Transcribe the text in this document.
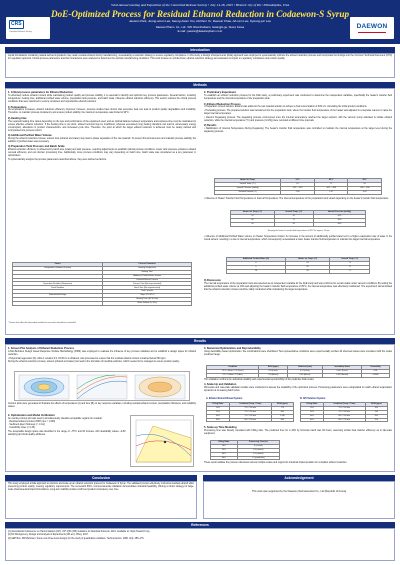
52nd Annual meeting and Exposition of the Controlled Release Society • July 14-18, 2025 • Historic city of PA • Philadelphia, USA
DoE-Optimized Process for Residual Ethanol Reduction in Codaewon-S Syrup
Jaewon Park, Jeong-woon Lee, Seung-hwan Yoo, Dohhun Yu, Daesuk Chae, Ah-ram Lee, Kyeong-jun Lee
Daewon Pharm. Co., Ltd., 520 Cheonhodaero, Gwangjin-gu, Seoul, Korea
E-mail : jaewon@daewonpharm.co.kr
CRS
Controlled Release Society
DAEWON
Introduction
Liquid formulations containing natural-derived ingredients may retain residual ethanol during manufacturing, necessitating a reduction strategy to ensure regulatory compliance. In this study, a Design of Experiments (DoE) approach was employed to systematically optimize the ethanol reduction process and incorporate the findings into the Common Technical Document (CTD) for regulatory approval. Critical process parameters and their interactions were analyzed to determine the optimal manufacturing conditions. This work focuses on a DoE-driven ethanol reduction strategy and evaluates its impact on regulatory compliance and product quality.
Methods
1. Critical process parameters for Ethanol Reduction

To effectively reduce ethanol content while maintaining product quality and process stability, it is essential to identify and optimize key process parameters. Several factors, including temperature, heating time, additional purified water volume, preparation tank pressure, and batch scale, influence ethanol reduction efficiency. This section outlines the critical process conditions that were optimized to ensure consistent and reproducible ethanol reduction.

1) Temperature

As temperature increases, ethanol reduction efficiency improves; however, previous studies have shown that excessive heat can lead to product quality degradation and instability. Therefore, to maintain process consistency and ensure product stability, the maximum temperature was limited to 90°C.

2) Heating time

The required heating time varies depending on the type and performance of the equipment used, and an optimal balance between temperature and exposure time must be maintained to ensure effective ethanol reduction. If the heating time is too short, ethanol removal may be insufficient, whereas excessively long heating durations can lead to unnecessary energy consumption, alterations in product characteristics, and increased cycle time. Therefore, the point at which the target ethanol reduction is achieved must be clearly defined and incorporated into process control.

3) Additional Purified Water Volume

During the ethanol reduction process, solvent loss (ethanol and water) may lead to phase separation of the raw material. To prevent this phenomenon and maintain process stability, the addition of purified water was necessary.

4) Preparation Tank Pressure and Batch Scale

Ethanol reduction efficiency is influenced by batch size (scale) and tank pressure, requiring adjustments to establish optimal process conditions. Lower tank pressure enhances ethanol removal efficiency and can shorten processing time. Additionally, since process conditions may vary depending on batch size, batch scale was considered as a key parameter in optimization.

To systematically analyze the process parameters described above, they were defined as factors.

Factor	Process Parameter
Independent Variables (Factors)	Heating Temperature
	Heating Time
	Additional Purified Water Volume
	Residual Ethanol Content
Dependent Variables (Responses)	Process Time (Not experimented)
Fixed Variables	Batch Size (Not experimented)
	Tank Pressure
Experimental Range	Temp. (70–90°C)
	Heating Time (30–90 min)
	Water Volume (0–10%)
* Factors that affect the dependent variable but can not be identified or controlled.
2. Preliminary Experiment

To establish an ethanol reduction process for the DoE study, a preliminary experiment was conducted to determine the independent variables, specifically the heater's transfer fluid temperature and the internal temperature of the preparation tank.

1) Ethanol Reduction Process

• Preparation of feed solution: Ethanol was added to the raw material solution to achieve a final concentration of 20% v/v, simulating the initial product conditions.

• Preheating process: The prepared solution was transferred into the preparation tank, where the transfer fluid temperature of the heater was adjusted in a stepwise manner to raise the target internal temperature.

• Vacuum Degassing process: The degassing process commenced once the internal temperature reached the target setpoint, with the vacuum pump activated to initiate ethanol reduction, while the internal temperature (°C) and pressure (mmHg) were recorded at different time intervals.

2) Results

• Stabilization of Internal Temperature During Degassing: The heater's transfer fluid temperature was controlled to maintain the internal temperature at the target level during the degassing process.

Heater Set Temp.	70°C	80°C	90°C
Internal Temp. (°C)	61	71	81
Internal Pressure (mmHg)	-622 ~ -676	-612 ~ -656	-594 ~ -650
Residual Ethanol (%)	2.98	1.47	0.59
• Influence of Heater Transfer Fluid Temperature on Internal Temperature: The internal temperature of the preparation tank varied depending on the heater's transfer fluid temperature.
Heater set Temp. (°C)	Interval Temp. (°C)	Internal Pressure (mmHg)
70	61	-676
80	71	-656
90	81	-650
* Keeping the heater's transfer fluid temperature at 90°C for approx. 15 min
• Influence of Additional Purified Water volume on Heater Temperature Output: An increase in the amount of additionally purified water led to a higher evaporation rate of water in the mixed solvent, resulting in a rise in internal temperature, which consequently necessitated a lower heater transfer fluid temperature to maintain the target internal temperature.
Additional Purified Water (%)	Heater set Temp. (°C)	Interval Temp. (°C)
0	81	71
5	82	71
10	83	71
3) Discussion

The internal temperature of the preparation tank was selected as an independent variable for the DoE study and was confirmed to remain stable under vacuum conditions. By setting the additional purified water volume at 10% and adjusting the heater's transfer fluid temperature to 85°C, the internal temperature was effectively maintained. The experiment demonstrated that the ethanol reduction process could be stably conducted while maintaining the target temperature.

Results
1. Screen Plot Analysis of Ethanol Reduction Process

A Box-Behnken Design based Response Surface Methodology (RSM) was employed to evaluate the influence of key process variables and to establish a design space for ethanol reduction.

• Polynomial regression (fit): while it remains 0.9, 15.9% to w obtained, was processed to ensure that the residual ethanol content remained below 500 ppm.

During the ethanol reduction process, solvent (ethanol and water) can lead to the formation of insoluble particles, which needed to be managed to ensure product quality.

Contour plots were generated to illustrate the effects of temperature (A) and time (B) on key response variables, including residual ethanol content, precipitation thickness, and suitability values.
2. Optimization and Model Verification

An overlay contour plot was used to simultaneously visualize acceptable regions for residual:

· Residual ethanol content (RSH ppm < 1,000)
· Sediment-layer thickness (< 1 mm)
· Insolubility index (> 0.35)

The acceptable design space was identified in the range of ~75°C and 60 minutes, with desirability values ~0.80, satisfying all critical quality attributes.

3. Numerical Optimization and Reproducibility

Using desirability-based optimization, five combinations were shortlisted. Two representative conditions were experimentally verified. All observed values were consistent with the model predicted range.

Condition	EtOH (ppm)	Sediment (mm)	Insolubility Index	Desirability
75°C / 60min / 7% (Pred.)	754 (Pred.)	0.37 (Pred.)	0.412 (Pred.)	0.81
75°C / 60min / 7% (Act.)	770 (Actual)	0.41 (Actual)	0.397 (Actual)	0.8050

This validation confirms the statistical reliability and experimental reproducibility of the predictive DoE model.

4. Scale-Up and Validation

Pilot-scale and real-scale validation studies were conducted to assess the scalability of the optimized process. Processing parameters were extrapolated to match ethanol evaporation dynamics at increasing batch sizes.

A. Ethanol Extract-Based System	B. API Solution System
Filling Ratio	Condition (Temp. / Time)	EtOH (ppm)
10%	75°C / 60 min	770
20%	75°C / 60 min	860
40%	75°C / 80 min	1,340
60%	80°C / 80 min	880
Filling Ratio	Condition (Temp. / Time)	EtOH (ppm)
10%	75°C / 60 min	410
20%	75°C / 80 min	530
40%	80°C / 80 min	500
60%	80°C / 90 min	470
5. Scale-up Time Modeling

Processing time was linearly correlated with Filling ratio. The predicted time for a 15% by full-scale batch was 93 hours, assuming similar heat transfer efficiency as in lab-scale equipment.

Filling Ratio	Processing Time (hr)
10%	0 (control)
20%	0.5 (control)
40%	0.7 (control)
60%	1.3 (prediction)
These result validate the process robustness across multiple scales and support its industrial implementation for compliant ethanol reduction.
Conclusion
This study employed a DoE approach to optimize and scale up an ethanol reduction process for Codaewon-S Syrup. The validated process effectively minimized residual ethanol while preserving product quality, meeting regulatory requirements. The successful 500 L commercial-scale validation demonstrates industrial feasibility, offering a robust strategy for large-scale pharmaceutical liquid formulations. Long-term stability studies confirmed product consistency over time.
Acknowledgement
This work was supported by the Daewon pharmaceutical Co., Ltd (Republic of Korea)
References
[1] International Conference on Harmonisation (ICH). ICH Q3C (R8) Guideline for Residual Solvents, 2021. Available at: https://www.ich.org
[2] DC Montgomery. Design and Analysis of Experiments (9th ed.). Wiley. 2017.
[3] GEP Box, DW Behnken. Some new three-level designs for the study of quantitative variables. Technometrics. 1960. 2(4): 455–475.
